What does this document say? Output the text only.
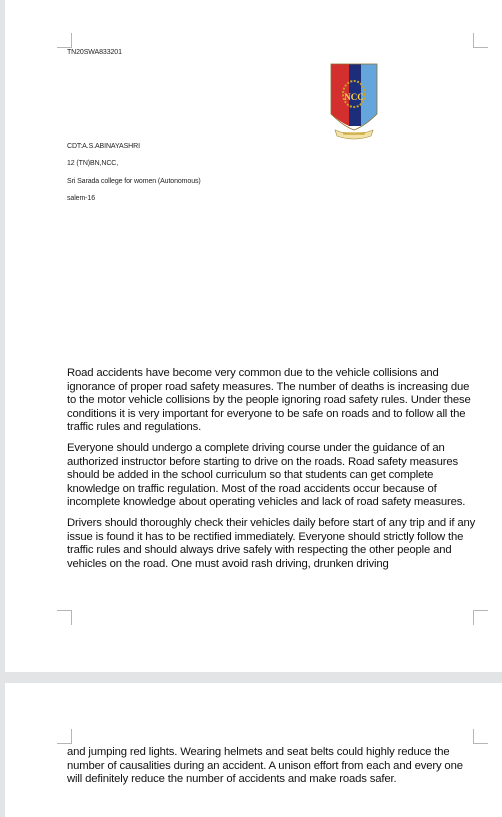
TN20SWA833201
NCC
CDT:A.S.ABINAYASHRI
12 (TN)BN,NCC,
Sri Sarada college for women (Autonomous)
salem-16

Road accidents have become very common due to the vehicle collisions and ignorance of proper road safety measures. The number of deaths is increasing due to the motor vehicle collisions by the people ignoring road safety rules. Under these conditions it is very important for everyone to be safe on roads and to follow all the traffic rules and regulations.

Everyone should undergo a complete driving course under the guidance of an authorized instructor before starting to drive on the roads. Road safety measures should be added in the school curriculum so that students can get complete knowledge on traffic regulation. Most of the road accidents occur because of incomplete knowledge about operating vehicles and lack of road safety measures.

Drivers should thoroughly check their vehicles daily before start of any trip and if any issue is found it has to be rectified immediately. Everyone should strictly follow the traffic rules and should always drive safely with respecting the other people and vehicles on the road. One must avoid rash driving, drunken driving

and jumping red lights. Wearing helmets and seat belts could highly reduce the number of causalities during an accident. A unison effort from each and every one will definitely reduce the number of accidents and make roads safer.
